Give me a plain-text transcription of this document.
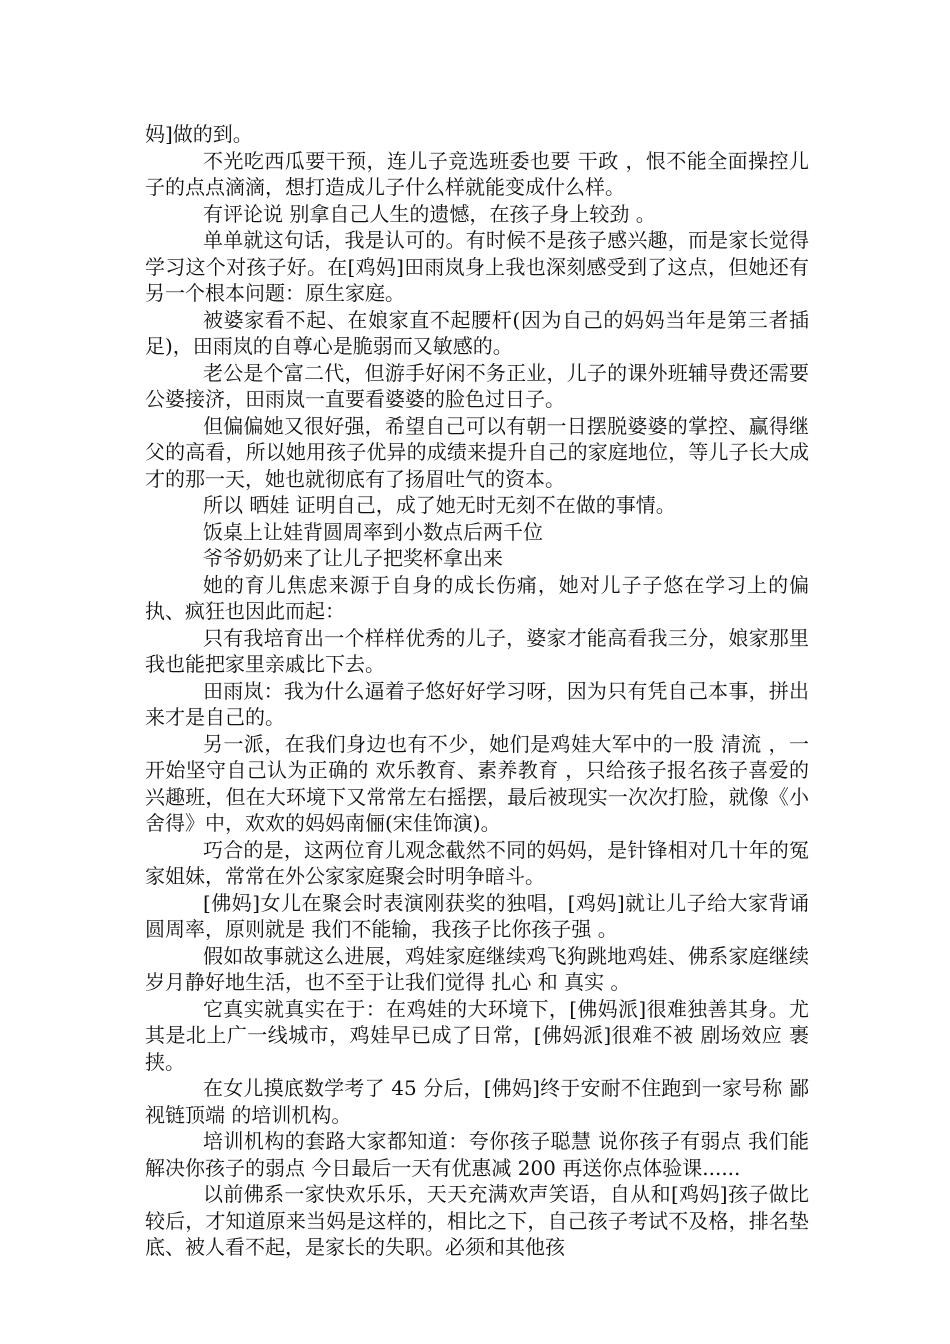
妈]做的到。

不光吃西瓜要干预，连儿子竞选班委也要 干政 ，恨不能全面操控儿子的点点滴滴，想打造成儿子什么样就能变成什么样。

有评论说 别拿自己人生的遗憾，在孩子身上较劲 。

单单就这句话，我是认可的。有时候不是孩子感兴趣，而是家长觉得学习这个对孩子好。在[鸡妈]田雨岚身上我也深刻感受到了这点，但她还有另一个根本问题：原生家庭。

被婆家看不起、在娘家直不起腰杆(因为自己的妈妈当年是第三者插足)，田雨岚的自尊心是脆弱而又敏感的。

老公是个富二代，但游手好闲不务正业，儿子的课外班辅导费还需要公婆接济，田雨岚一直要看婆婆的脸色过日子。

但偏偏她又很好强，希望自己可以有朝一日摆脱婆婆的掌控、赢得继父的高看，所以她用孩子优异的成绩来提升自己的家庭地位，等儿子长大成才的那一天，她也就彻底有了扬眉吐气的资本。

所以 晒娃 证明自己，成了她无时无刻不在做的事情。

饭桌上让娃背圆周率到小数点后两千位

爷爷奶奶来了让儿子把奖杯拿出来

她的育儿焦虑来源于自身的成长伤痛，她对儿子子悠在学习上的偏执、疯狂也因此而起：

只有我培育出一个样样优秀的儿子，婆家才能高看我三分，娘家那里我也能把家里亲戚比下去。

田雨岚：我为什么逼着子悠好好学习呀，因为只有凭自己本事，拼出来才是自己的。

另一派，在我们身边也有不少，她们是鸡娃大军中的一股 清流 ，一开始坚守自己认为正确的 欢乐教育、素养教育 ，只给孩子报名孩子喜爱的兴趣班，但在大环境下又常常左右摇摆，最后被现实一次次打脸，就像《小舍得》中，欢欢的妈妈南俪(宋佳饰演)。

巧合的是，这两位育儿观念截然不同的妈妈，是针锋相对几十年的冤家姐妹，常常在外公家家庭聚会时明争暗斗。

[佛妈]女儿在聚会时表演刚获奖的独唱，[鸡妈]就让儿子给大家背诵圆周率，原则就是 我们不能输，我孩子比你孩子强 。

假如故事就这么进展，鸡娃家庭继续鸡飞狗跳地鸡娃、佛系家庭继续岁月静好地生活，也不至于让我们觉得 扎心 和 真实 。

它真实就真实在于：在鸡娃的大环境下，[佛妈派]很难独善其身。尤其是北上广一线城市，鸡娃早已成了日常，[佛妈派]很难不被 剧场效应 裹挟。

在女儿摸底数学考了 45 分后，[佛妈]终于安耐不住跑到一家号称 鄙视链顶端 的培训机构。

培训机构的套路大家都知道：夸你孩子聪慧 说你孩子有弱点 我们能解决你孩子的弱点 今日最后一天有优惠减 200 再送你点体验课......

以前佛系一家快欢乐乐，天天充满欢声笑语，自从和[鸡妈]孩子做比较后，才知道原来当妈是这样的，相比之下，自己孩子考试不及格，排名垫底、被人看不起，是家长的失职。必须和其他孩
